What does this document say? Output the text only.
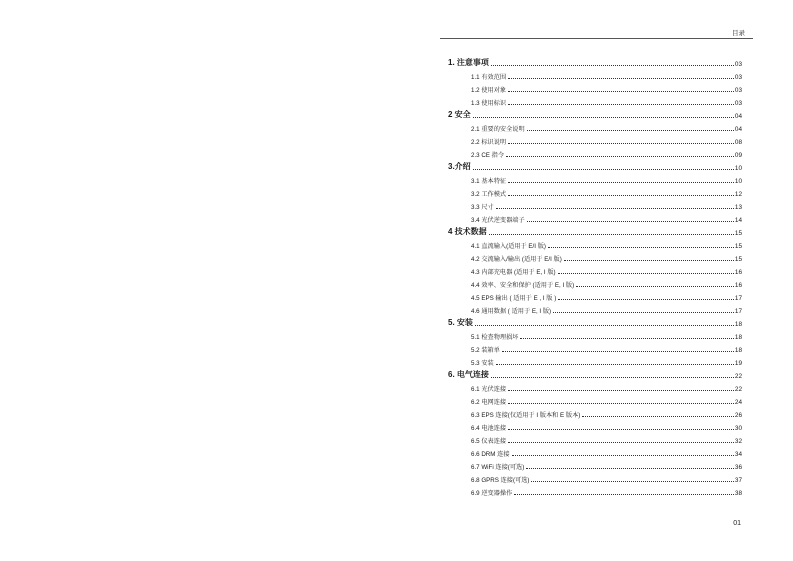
目录
1. 注意事项	03
1.1 有效范围	03
1.2 使用对象	03
1.3 使用标识	03
2 安全	04
2.1 重要的安全说明	04
2.2 标识说明	08
2.3 CE 指令	09
3.介绍	10
3.1 基本特征	10
3.2 工作模式	12
3.3 尺寸	13
3.4 光伏逆变器端子	14
4 技术数据	15
4.1 直流输入(适用于 E/I 版)	15
4.2 交流输入/输出 (适用于 E/I 版)	15
4.3 内部充电器 (适用于 E, I 版)	16
4.4 效率、安全和保护 (适用于 E, I 版)	16
4.5 EPS 输出 ( 适用于 E , I 版 )	17
4.6 通用数据 ( 适用于 E, I 版)	17
5. 安装	18
5.1 检查物理损坏	18
5.2 装箱单	18
5.3 安装	19
6. 电气连接	22
6.1 光伏连接	22
6.2 电网连接	24
6.3 EPS 连接(仅适用于 I 版本和 E 版本)	26
6.4 电池连接	30
6.5 仪表连接	32
6.6 DRM 连接	34
6.7 WiFi 连接(可选)	36
6.8 GPRS 连接(可选)	37
6.9 逆变器操作	38
01
